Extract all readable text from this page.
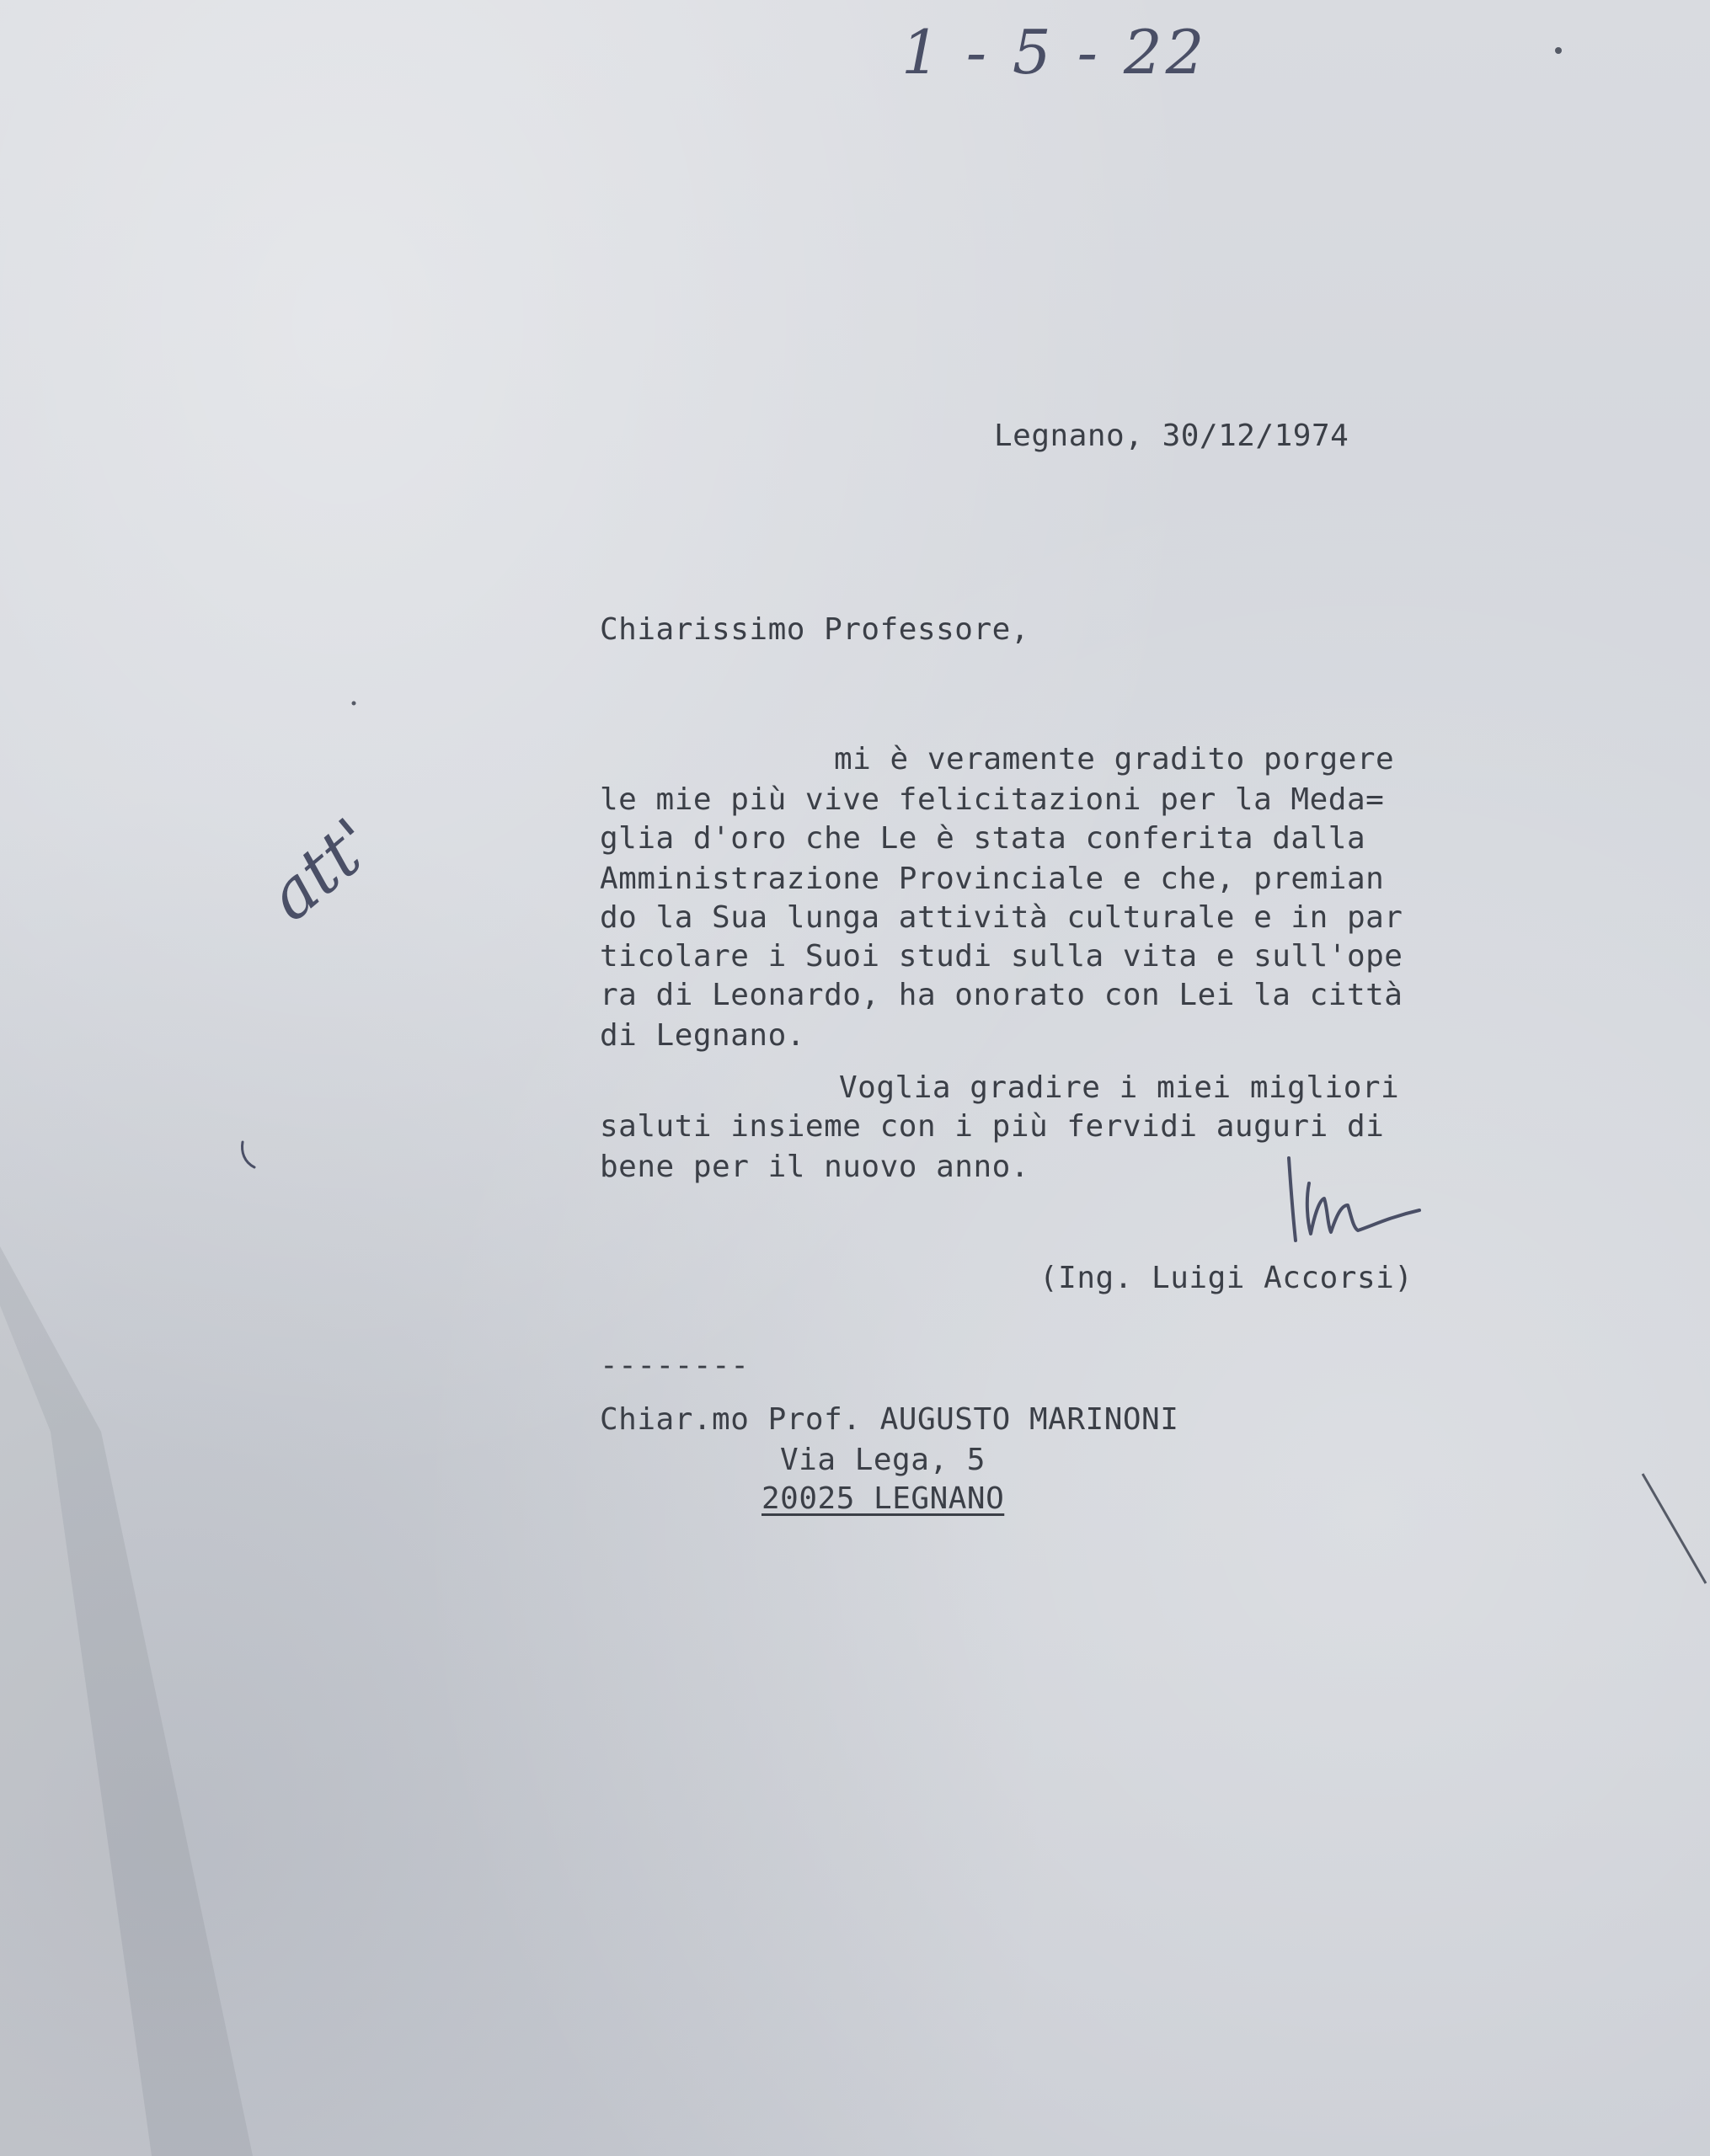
1 - 5 - 22
Legnano, 30/12/1974
Chiarissimo Professore,
mi è veramente gradito porgere
le mie più vive felicitazioni per la Meda=
glia d'oro che Le è stata conferita dalla
Amministrazione Provinciale e che, premian
do la Sua lunga attività culturale e in par
ticolare i Suoi studi sulla vita e sull'ope
ra di Leonardo, ha onorato con Lei la città
di Legnano.
Voglia gradire i miei migliori
saluti insieme con i più fervidi auguri di
bene per il nuovo anno.
(Ing. Luigi Accorsi)
att'
--------
Chiar.mo Prof. AUGUSTO MARINONI
Via Lega, 5
20025 LEGNANO
